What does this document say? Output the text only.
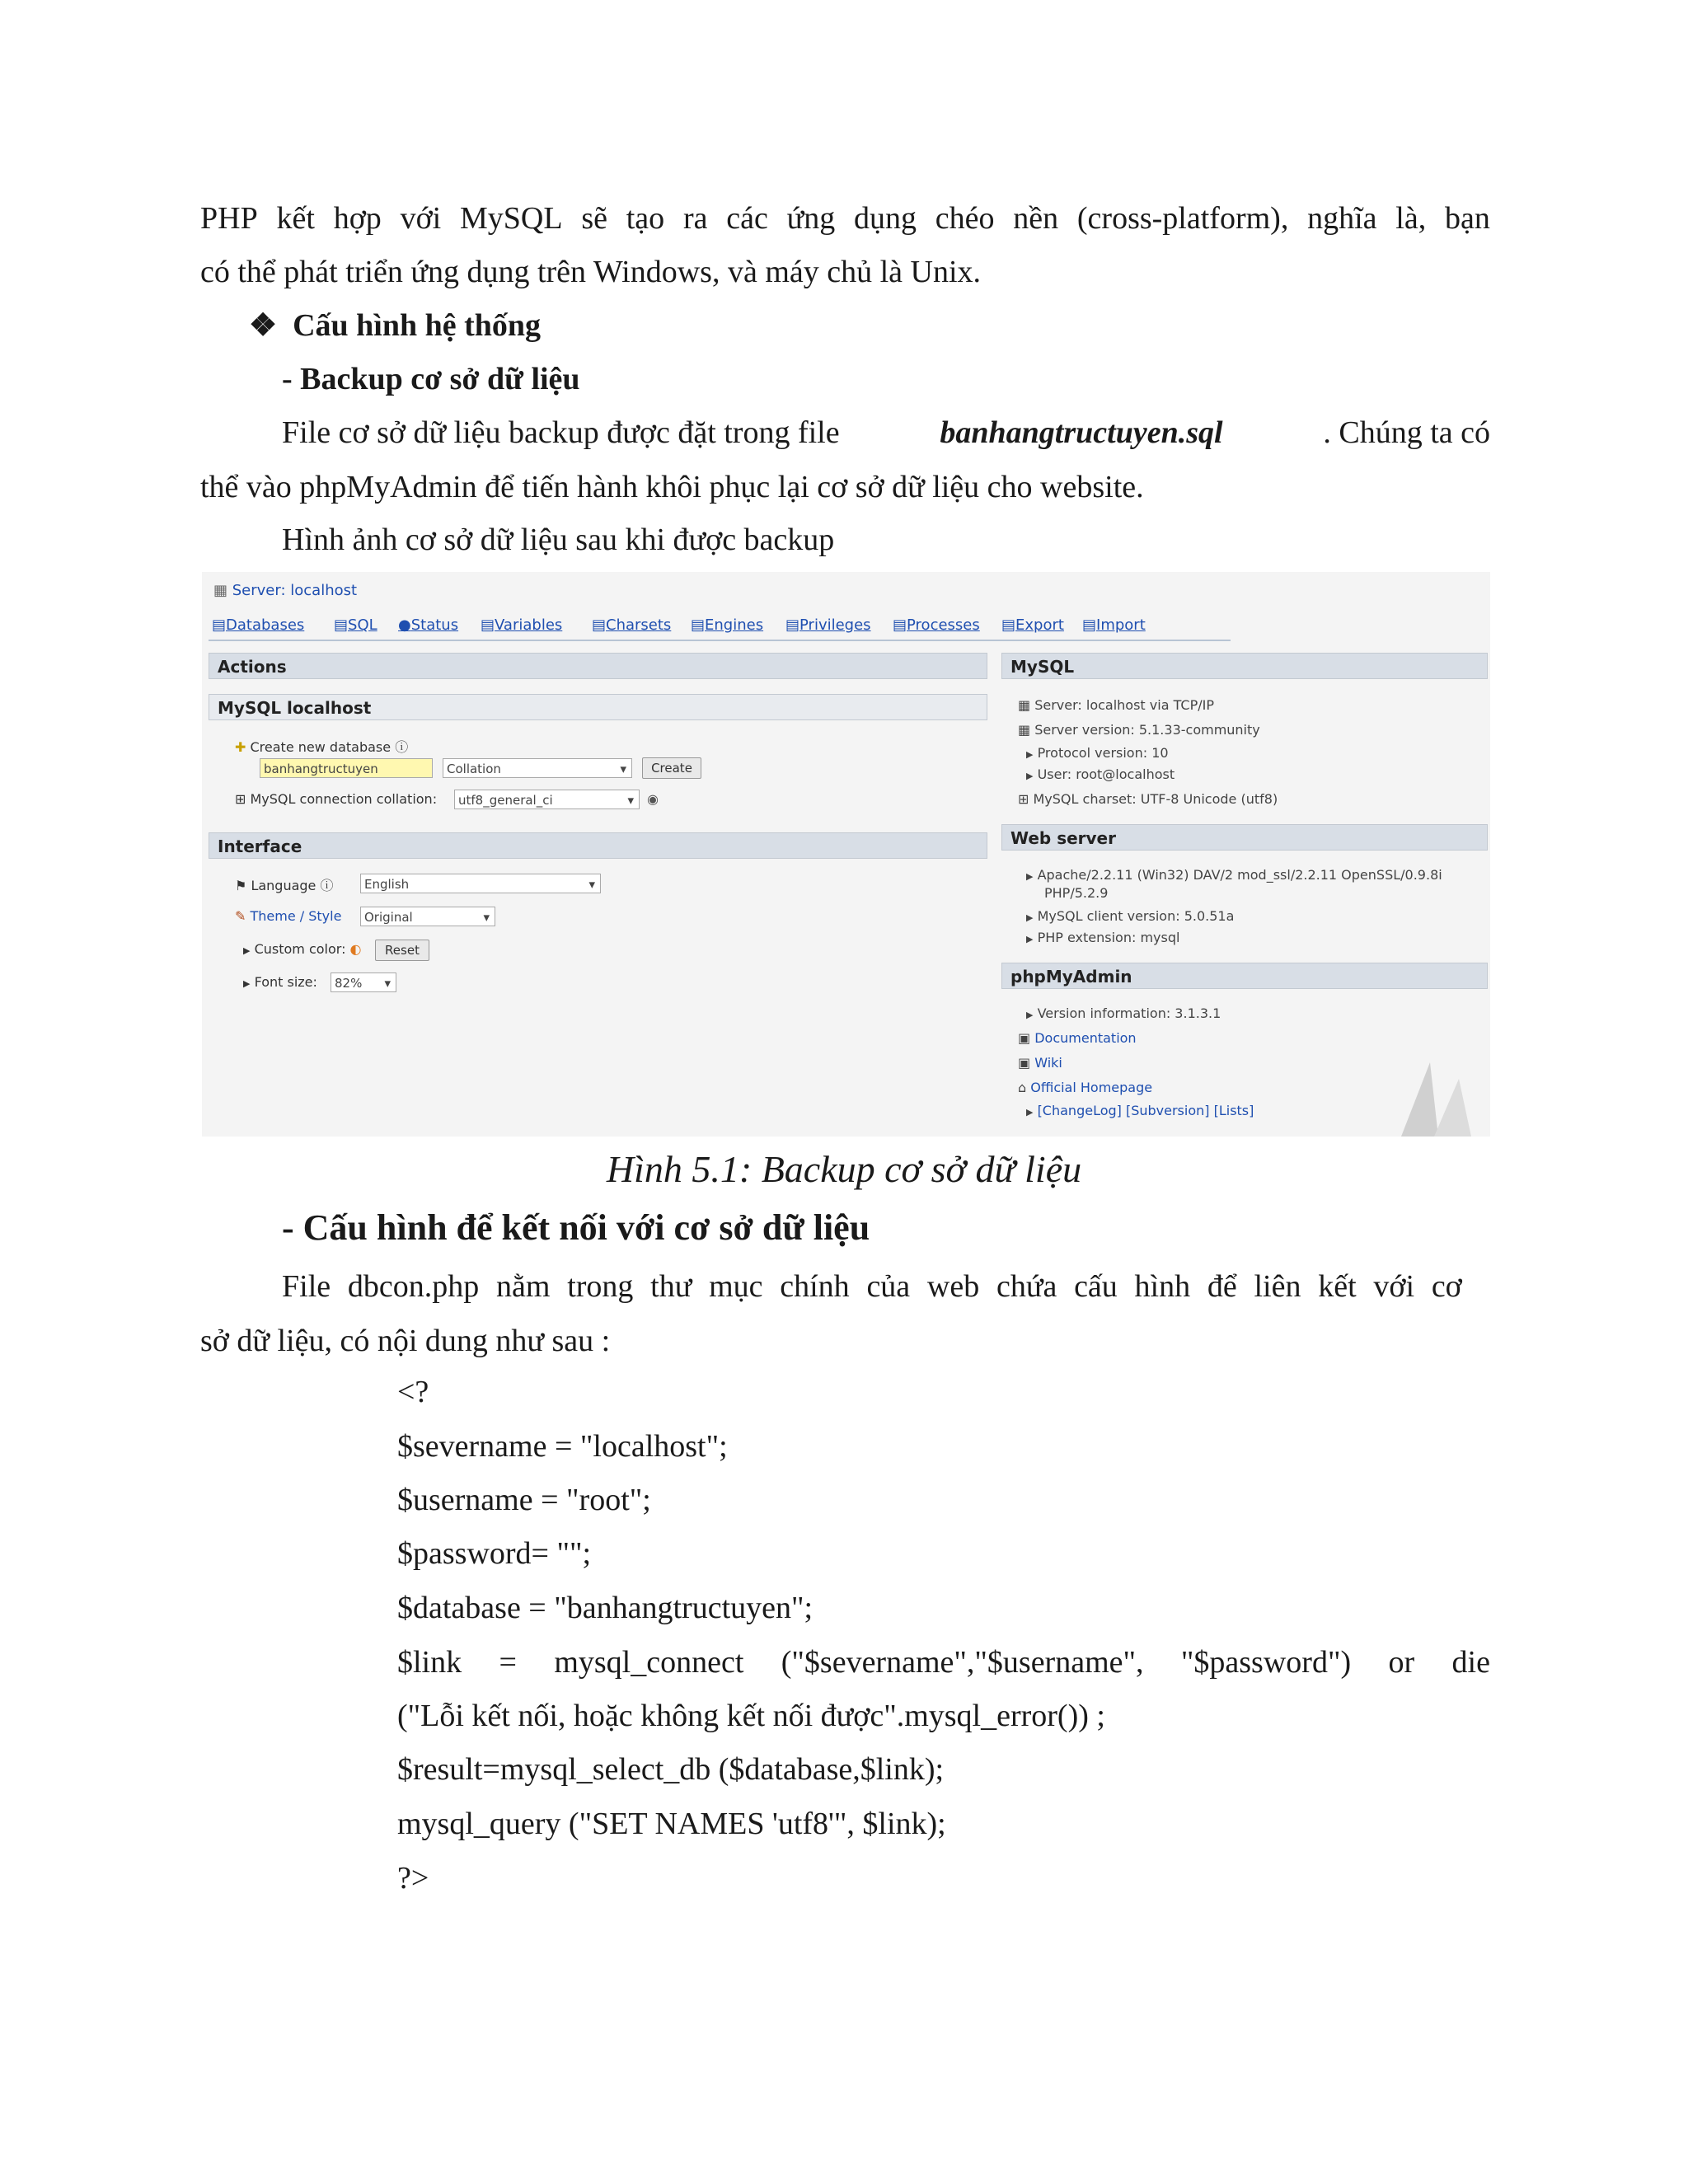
PHP kết hợp với MySQL sẽ tạo ra các ứng dụng chéo nền (cross-platform), nghĩa là, bạn
có thể phát triển ứng dụng trên Windows, và máy chủ là Unix.
❖ Cấu hình hệ thống
- Backup cơ sở dữ liệu
File cơ sở dữ liệu backup được đặt trong file	banhangtructuyen.sql	. Chúng ta có
thể vào phpMyAdmin để tiến hành khôi phục lại cơ sở dữ liệu cho website.
Hình ảnh cơ sở dữ liệu sau khi được backup
▦ Server: localhost
▤Databases ▤SQL ●Status ▤Variables ▤Charsets ▤Engines ▤Privileges ▤Processes ▤Export ▤Import
Actions
MySQL localhost
✚ Create new database ⓘ
banhangtructuyen	Collation	▾	Create
⊞ MySQL connection collation:	utf8_general_ci	▾ ◉
Interface
⚑ Language ⓘ	English	▾
✎ Theme / Style	Original	▾
▶ Custom color: ◐	Reset
▶ Font size:	82% ▾
MySQL
▦ Server: localhost via TCP/IP
▦ Server version: 5.1.33-community
▶ Protocol version: 10
▶ User: root@localhost
⊞ MySQL charset: UTF-8 Unicode (utf8)
Web server
▶ Apache/2.2.11 (Win32) DAV/2 mod_ssl/2.2.11 OpenSSL/0.9.8i
PHP/5.2.9
▶ MySQL client version: 5.0.51a
▶ PHP extension: mysql
phpMyAdmin
▶ Version information: 3.1.3.1
▣ Documentation
▣ Wiki
⌂ Official Homepage
▶ [ChangeLog] [Subversion] [Lists]
Hình 5.1: Backup cơ sở dữ liệu
- Cấu hình để kết nối với cơ sở dữ liệu
File dbcon.php nằm trong thư mục chính của web chứa cấu hình để liên kết với cơ
sở dữ liệu, có nội dung như sau :
<?
$severname = "localhost";
$username = "root";
$password= "";
$database = "banhangtructuyen";
$link = mysql_connect ("$severname","$username", "$password") or die
("Lỗi kết nối, hoặc không kết nối được".mysql_error()) ;
$result=mysql_select_db ($database,$link);
mysql_query ("SET NAMES 'utf8'", $link);
?>
